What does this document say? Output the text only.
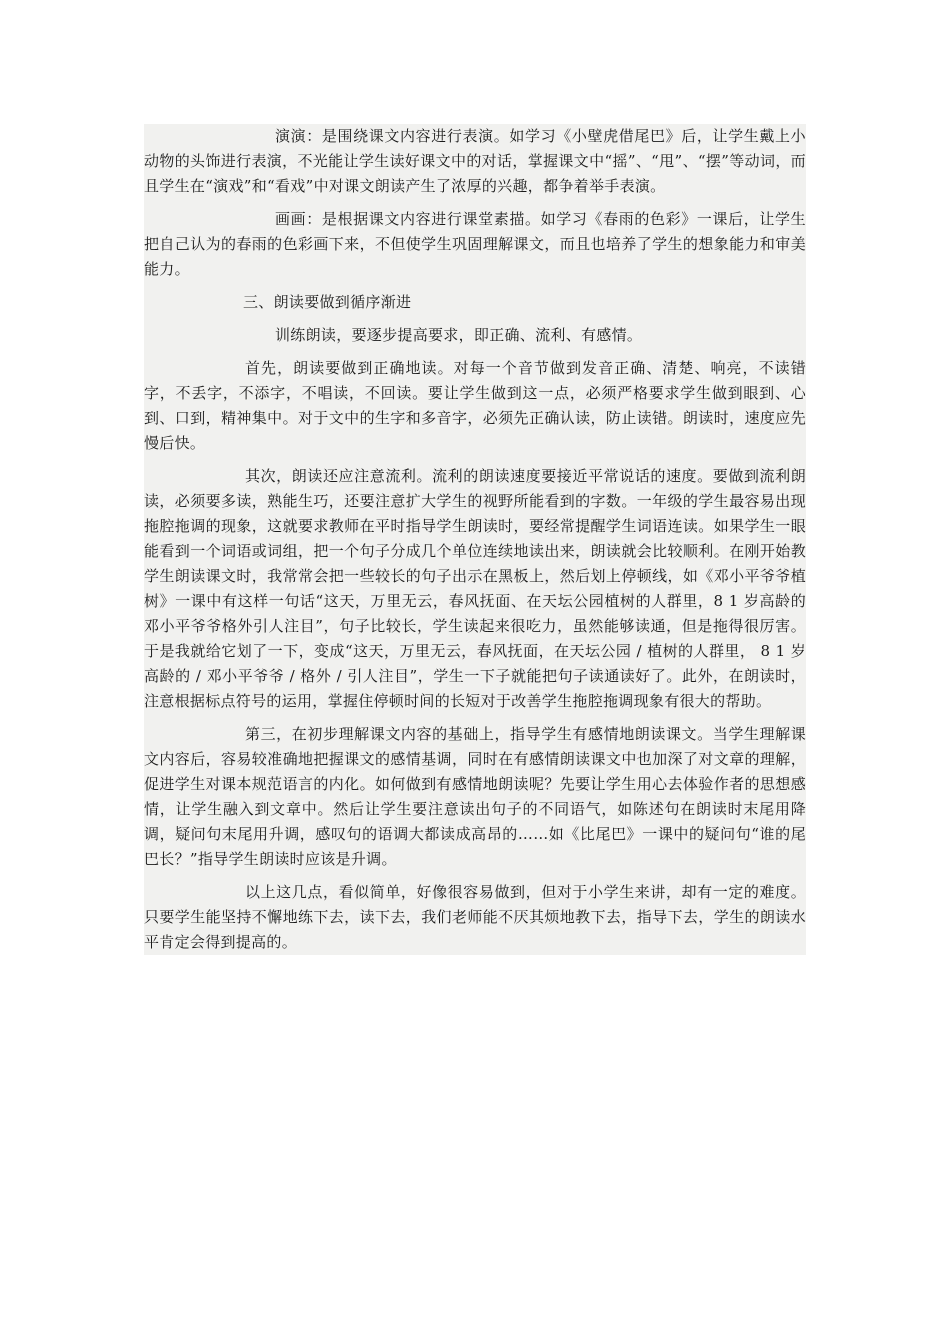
演演：是围绕课文内容进行表演。如学习《小壁虎借尾巴》后，让学生戴上小动物的头饰进行表演，不光能让学生读好课文中的对话，掌握课文中“摇”、“甩”、“摆”等动词，而且学生在“演戏”和“看戏”中对课文朗读产生了浓厚的兴趣，都争着举手表演。

画画：是根据课文内容进行课堂素描。如学习《春雨的色彩》一课后，让学生把自己认为的春雨的色彩画下来，不但使学生巩固理解课文，而且也培养了学生的想象能力和审美能力。

三、朗读要做到循序渐进

训练朗读，要逐步提高要求，即正确、流利、有感情。

首先，朗读要做到正确地读。对每一个音节做到发音正确、清楚、响亮，不读错字，不丢字，不添字，不唱读，不回读。要让学生做到这一点，必须严格要求学生做到眼到、心到、口到，精神集中。对于文中的生字和多音字，必须先正确认读，防止读错。朗读时，速度应先慢后快。

其次，朗读还应注意流利。流利的朗读速度要接近平常说话的速度。要做到流利朗读，必须要多读，熟能生巧，还要注意扩大学生的视野所能看到的字数。一年级的学生最容易出现拖腔拖调的现象，这就要求教师在平时指导学生朗读时，要经常提醒学生词语连读。如果学生一眼能看到一个词语或词组，把一个句子分成几个单位连续地读出来，朗读就会比较顺利。在刚开始教学生朗读课文时，我常常会把一些较长的句子出示在黑板上，然后划上停顿线，如《邓小平爷爷植树》一课中有这样一句话“这天，万里无云，春风抚面、在天坛公园植树的人群里，8 1 岁高龄的邓小平爷爷格外引人注目”，句子比较长，学生读起来很吃力，虽然能够读通，但是拖得很厉害。于是我就给它划了一下，变成“这天，万里无云，春风抚面，在天坛公园 / 植树的人群里， 8 1 岁高龄的 / 邓小平爷爷 / 格外 / 引人注目”，学生一下子就能把句子读通读好了。此外，在朗读时，注意根据标点符号的运用，掌握住停顿时间的长短对于改善学生拖腔拖调现象有很大的帮助。

第三，在初步理解课文内容的基础上，指导学生有感情地朗读课文。当学生理解课文内容后，容易较准确地把握课文的感情基调，同时在有感情朗读课文中也加深了对文章的理解，促进学生对课本规范语言的内化。如何做到有感情地朗读呢？先要让学生用心去体验作者的思想感情，让学生融入到文章中。然后让学生要注意读出句子的不同语气，如陈述句在朗读时末尾用降调，疑问句末尾用升调，感叹句的语调大都读成高昂的……如《比尾巴》一课中的疑问句“谁的尾巴长？”指导学生朗读时应该是升调。

以上这几点，看似简单，好像很容易做到，但对于小学生来讲，却有一定的难度。只要学生能坚持不懈地练下去，读下去，我们老师能不厌其烦地教下去，指导下去，学生的朗读水平肯定会得到提高的。
